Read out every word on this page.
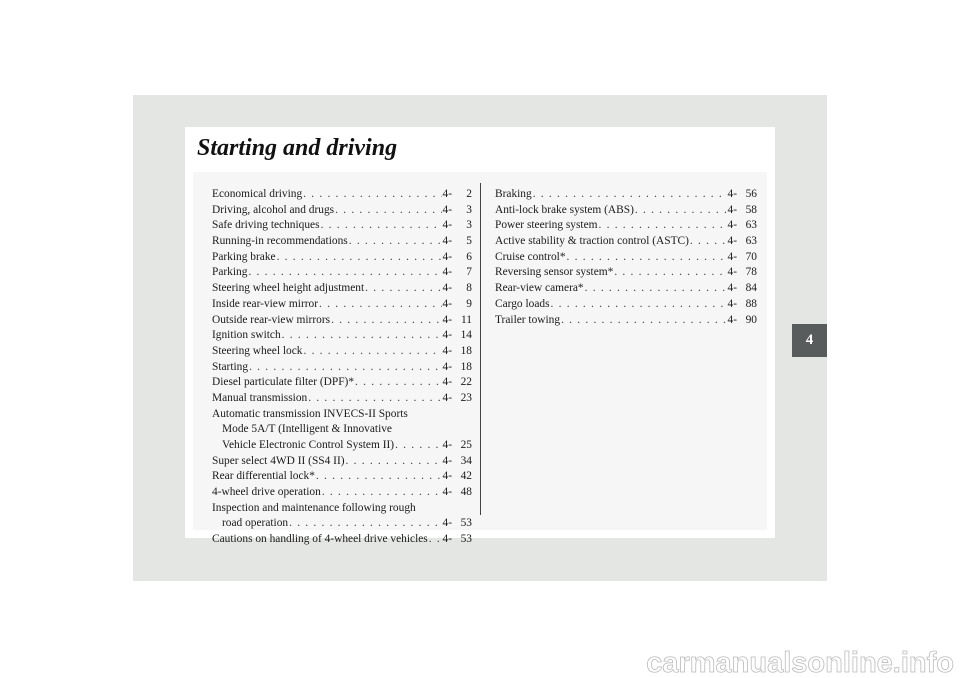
Starting and driving
4
Economical driving . . .	4- 2
Driving, alcohol and drugs . . .	4- 3
Safe driving techniques . . .	4- 3
Running-in recommendations . . .	4- 5
Parking brake . . .	4- 6
Parking . . .	4- 7
Steering wheel height adjustment . . .	4- 8
Inside rear-view mirror . . .	4- 9
Outside rear-view mirrors . . .	4- 11
Ignition switch . . .	4- 14
Steering wheel lock . . .	4- 18
Starting . . .	4- 18
Diesel particulate filter (DPF)* . . .	4- 22
Manual transmission . . .	4- 23
Automatic transmission INVECS-II Sports
Mode 5A/T (Intelligent & Innovative
Vehicle Electronic Control System II) . . .	4- 25
Super select 4WD II (SS4 II) . . .	4- 34
Rear differential lock* . . .	4- 42
4-wheel drive operation . . .	4- 48
Inspection and maintenance following rough
road operation . . .	4- 53
Cautions on handling of 4-wheel drive vehicles . . . 4- 53
Braking . . .	4- 56
Anti-lock brake system (ABS) . . .	4- 58
Power steering system . . .	4- 63
Active stability & traction control (ASTC) . . .	4- 63
Cruise control* . . .	4- 70
Reversing sensor system* . . .	4- 78
Rear-view camera* . . .	4- 84
Cargo loads . . .	4- 88
Trailer towing . . .	4- 90
carmanualsonline.info
